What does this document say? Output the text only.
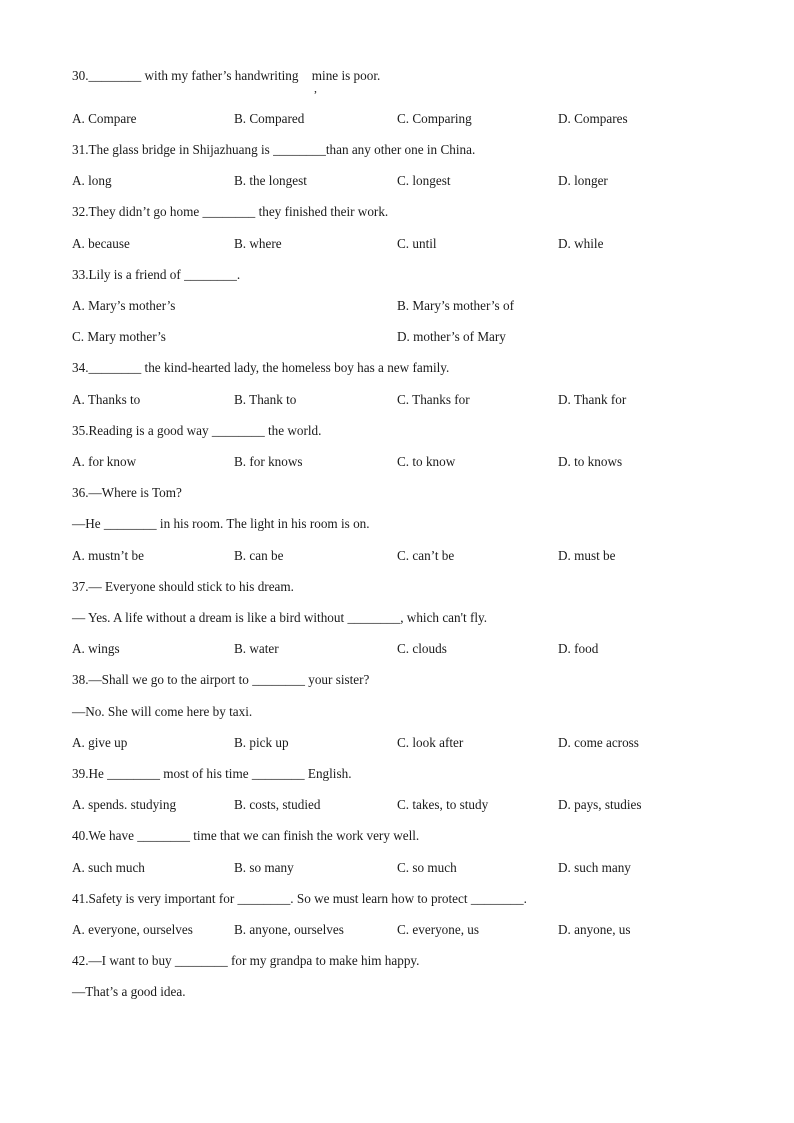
30.________ with my father’s handwriting mine is poor.
,
A. Compare	B. Compared	C. Comparing	D. Compares
31.The glass bridge in Shijazhuang is ________than any other one in China.
A. long	B. the longest	C. longest	D. longer
32.They didn’t go home ________ they finished their work.
A. because	B. where	C. until	D. while
33.Lily is a friend of ________.
A. Mary’s mother’s	B. Mary’s mother’s of
C. Mary mother’s	D. mother’s of Mary
34.________ the kind-hearted lady, the homeless boy has a new family.
A. Thanks to	B. Thank to	C. Thanks for	D. Thank for
35.Reading is a good way ________ the world.
A. for know	B. for knows	C. to know	D. to knows
36.—Where is Tom?
—He ________ in his room. The light in his room is on.
A. mustn’t be	B. can be	C. can’t be	D. must be
37.— Everyone should stick to his dream.
— Yes. A life without a dream is like a bird without ________, which can't fly.
A. wings	B. water	C. clouds	D. food
38.—Shall we go to the airport to ________ your sister?
—No. She will come here by taxi.
A. give up	B. pick up	C. look after	D. come across
39.He ________ most of his time ________ English.
A. spends. studying	B. costs, studied	C. takes, to study	D. pays, studies
40.We have ________ time that we can finish the work very well.
A. such much	B. so many	C. so much	D. such many
41.Safety is very important for ________. So we must learn how to protect ________.
A. everyone, ourselves	B. anyone, ourselves	C. everyone, us	D. anyone, us
42.—I want to buy ________ for my grandpa to make him happy.
—That’s a good idea.
